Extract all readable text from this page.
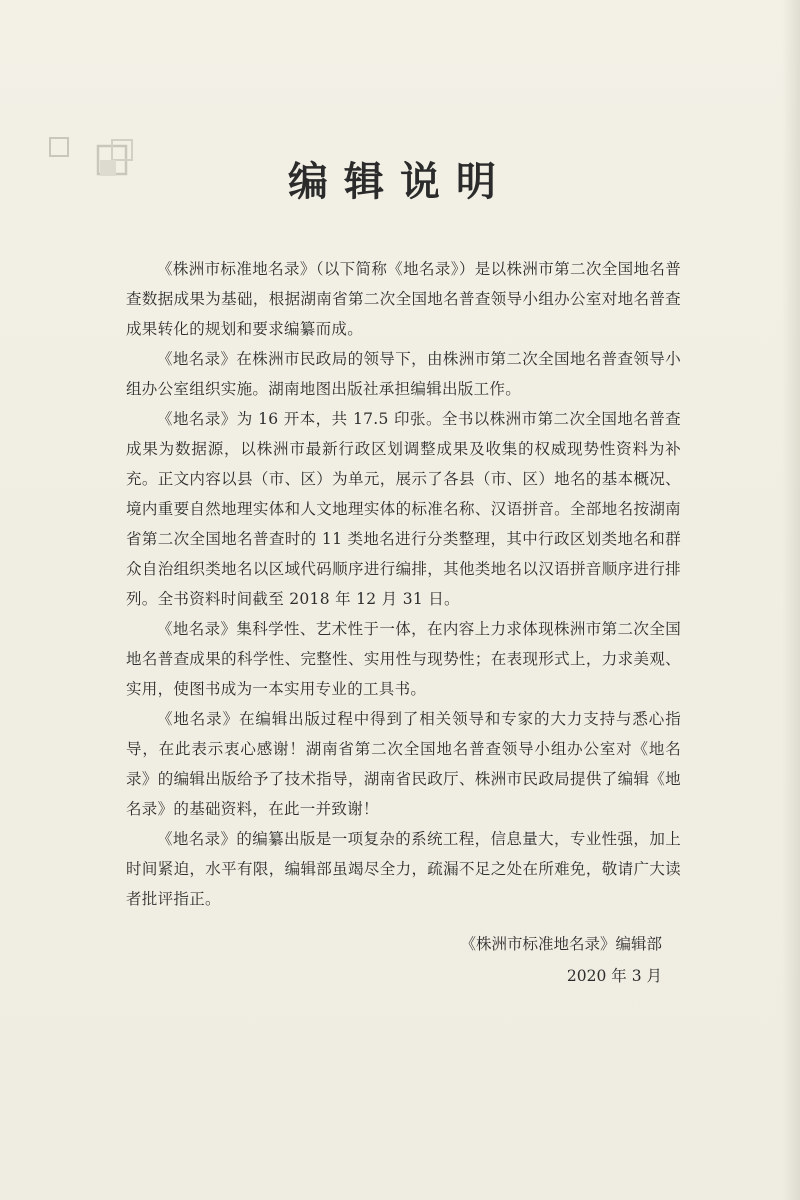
编辑说明

《株洲市标准地名录》（以下简称《地名录》）是以株洲市第二次全国地名普查数据成果为基础，根据湖南省第二次全国地名普查领导小组办公室对地名普查成果转化的规划和要求编纂而成。

《地名录》在株洲市民政局的领导下，由株洲市第二次全国地名普查领导小组办公室组织实施。湖南地图出版社承担编辑出版工作。

《地名录》为 16 开本，共 17.5 印张。全书以株洲市第二次全国地名普查成果为数据源，以株洲市最新行政区划调整成果及收集的权威现势性资料为补充。正文内容以县（市、区）为单元，展示了各县（市、区）地名的基本概况、境内重要自然地理实体和人文地理实体的标准名称、汉语拼音。全部地名按湖南省第二次全国地名普查时的 11 类地名进行分类整理，其中行政区划类地名和群众自治组织类地名以区域代码顺序进行编排，其他类地名以汉语拼音顺序进行排列。全书资料时间截至 2018 年 12 月 31 日。

《地名录》集科学性、艺术性于一体，在内容上力求体现株洲市第二次全国地名普查成果的科学性、完整性、实用性与现势性；在表现形式上，力求美观、实用，使图书成为一本实用专业的工具书。

《地名录》在编辑出版过程中得到了相关领导和专家的大力支持与悉心指导，在此表示衷心感谢！湖南省第二次全国地名普查领导小组办公室对《地名录》的编辑出版给予了技术指导，湖南省民政厅、株洲市民政局提供了编辑《地名录》的基础资料，在此一并致谢！

《地名录》的编纂出版是一项复杂的系统工程，信息量大，专业性强，加上时间紧迫，水平有限，编辑部虽竭尽全力，疏漏不足之处在所难免，敬请广大读者批评指正。

《株洲市标准地名录》编辑部
2020 年 3 月
